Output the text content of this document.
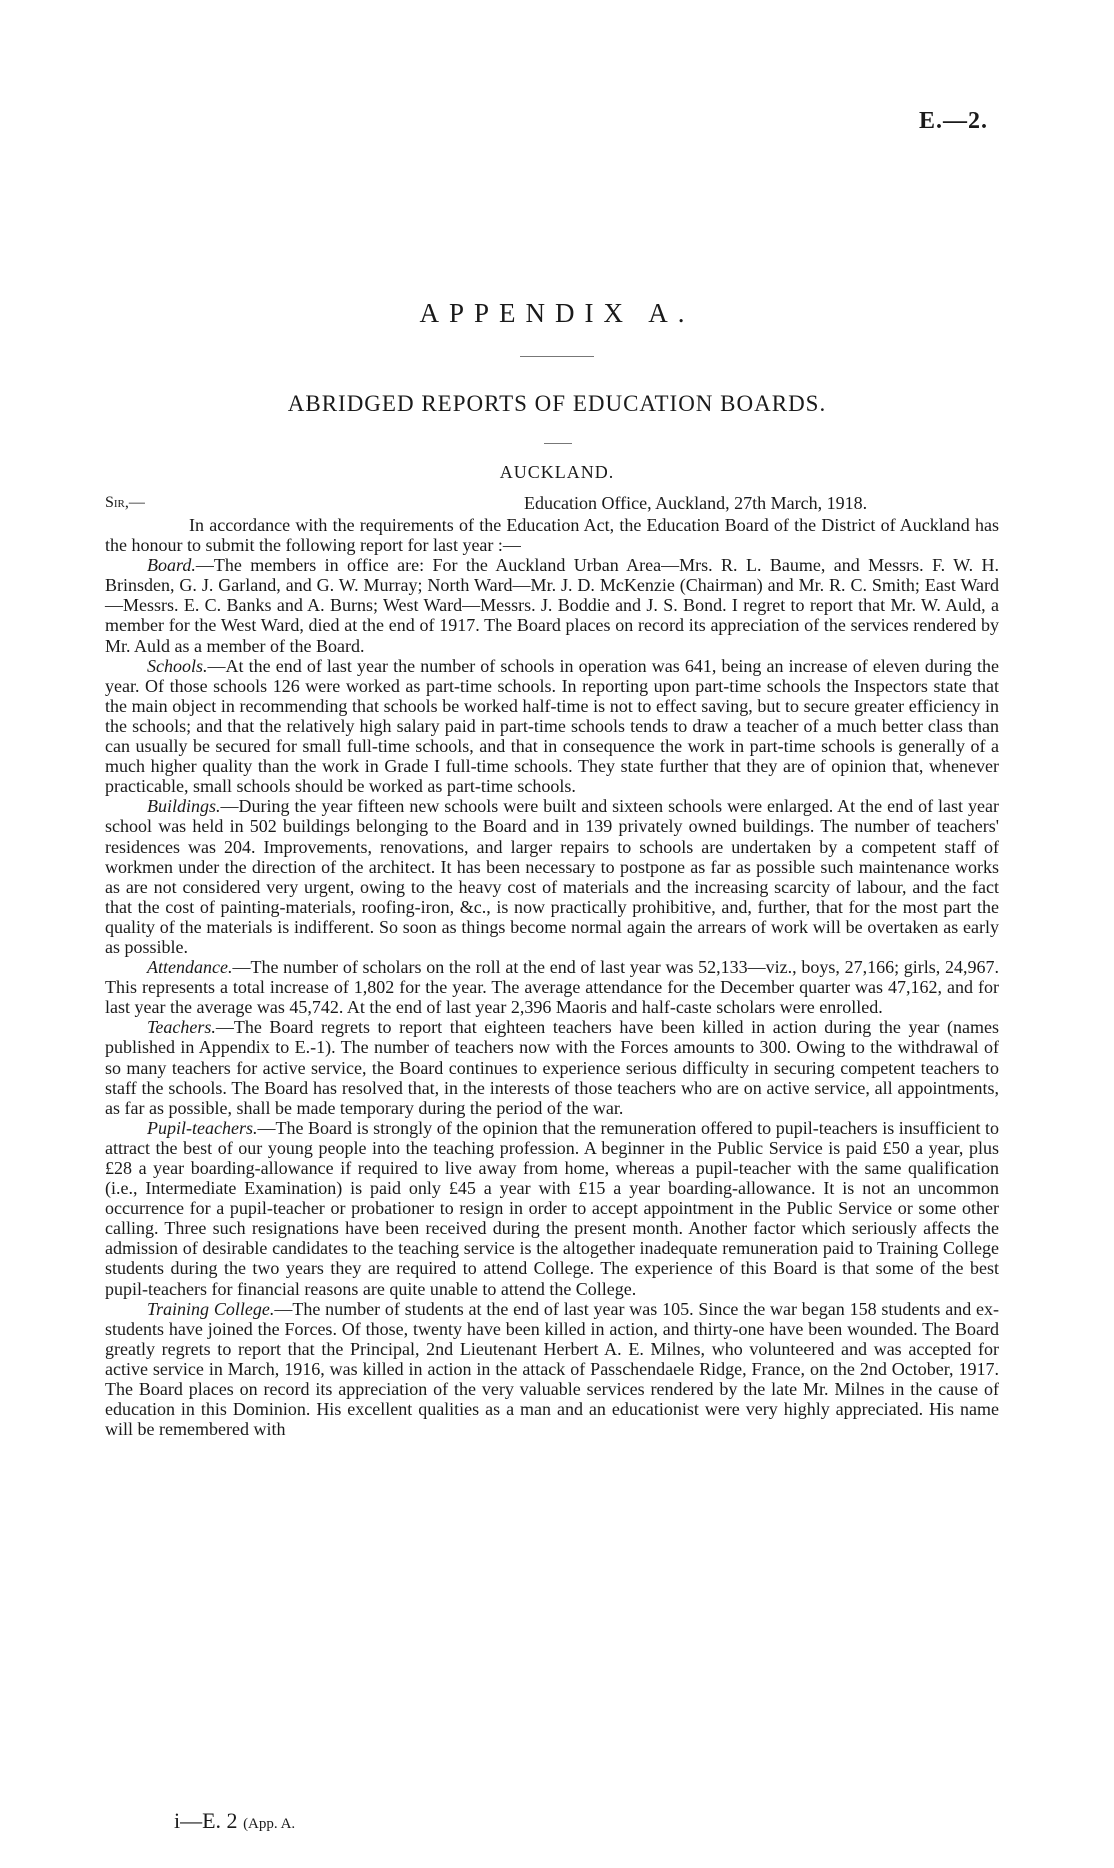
E.—2.
APPENDIX A.
ABRIDGED REPORTS OF EDUCATION BOARDS.
AUCKLAND.
Sir,—	Education Office, Auckland, 27th March, 1918.

In accordance with the requirements of the Education Act, the Education Board of the District of Auckland has the honour to submit the following report for last year :—

Board.—The members in office are: For the Auckland Urban Area—Mrs. R. L. Baume, and Messrs. F. W. H. Brinsden, G. J. Garland, and G. W. Murray; North Ward—Mr. J. D. McKenzie (Chairman) and Mr. R. C. Smith; East Ward—Messrs. E. C. Banks and A. Burns; West Ward—Messrs. J. Boddie and J. S. Bond. I regret to report that Mr. W. Auld, a member for the West Ward, died at the end of 1917. The Board places on record its appreciation of the services rendered by Mr. Auld as a member of the Board.

Schools.—At the end of last year the number of schools in operation was 641, being an increase of eleven during the year. Of those schools 126 were worked as part-time schools. In reporting upon part-time schools the Inspectors state that the main object in recommending that schools be worked half-time is not to effect saving, but to secure greater efficiency in the schools; and that the relatively high salary paid in part-time schools tends to draw a teacher of a much better class than can usually be secured for small full-time schools, and that in consequence the work in part-time schools is generally of a much higher quality than the work in Grade I full-time schools. They state further that they are of opinion that, whenever practicable, small schools should be worked as part-time schools.

Buildings.—During the year fifteen new schools were built and sixteen schools were enlarged. At the end of last year school was held in 502 buildings belonging to the Board and in 139 privately owned buildings. The number of teachers' residences was 204. Improvements, renovations, and larger repairs to schools are undertaken by a competent staff of workmen under the direction of the architect. It has been necessary to postpone as far as possible such maintenance works as are not considered very urgent, owing to the heavy cost of materials and the increasing scarcity of labour, and the fact that the cost of painting-materials, roofing-iron, &c., is now practically prohibitive, and, further, that for the most part the quality of the materials is indifferent. So soon as things become normal again the arrears of work will be overtaken as early as possible.

Attendance.—The number of scholars on the roll at the end of last year was 52,133—viz., boys, 27,166; girls, 24,967. This represents a total increase of 1,802 for the year. The average attendance for the December quarter was 47,162, and for last year the average was 45,742. At the end of last year 2,396 Maoris and half-caste scholars were enrolled.

Teachers.—The Board regrets to report that eighteen teachers have been killed in action during the year (names published in Appendix to E.-1). The number of teachers now with the Forces amounts to 300. Owing to the withdrawal of so many teachers for active service, the Board continues to experience serious difficulty in securing competent teachers to staff the schools. The Board has resolved that, in the interests of those teachers who are on active service, all appointments, as far as possible, shall be made temporary during the period of the war.

Pupil-teachers.—The Board is strongly of the opinion that the remuneration offered to pupil-teachers is insufficient to attract the best of our young people into the teaching profession. A beginner in the Public Service is paid £50 a year, plus £28 a year boarding-allowance if required to live away from home, whereas a pupil-teacher with the same qualification (i.e., Intermediate Examination) is paid only £45 a year with £15 a year boarding-allowance. It is not an uncommon occurrence for a pupil-teacher or probationer to resign in order to accept appointment in the Public Service or some other calling. Three such resignations have been received during the present month. Another factor which seriously affects the admission of desirable candidates to the teaching service is the altogether inadequate remuneration paid to Training College students during the two years they are required to attend College. The experience of this Board is that some of the best pupil-teachers for financial reasons are quite unable to attend the College.

Training College.—The number of students at the end of last year was 105. Since the war began 158 students and ex-students have joined the Forces. Of those, twenty have been killed in action, and thirty-one have been wounded. The Board greatly regrets to report that the Principal, 2nd Lieutenant Herbert A. E. Milnes, who volunteered and was accepted for active service in March, 1916, was killed in action in the attack of Passchendaele Ridge, France, on the 2nd October, 1917. The Board places on record its appreciation of the very valuable services rendered by the late Mr. Milnes in the cause of education in this Dominion. His excellent qualities as a man and an educationist were very highly appreciated. His name will be remembered with

i—E. 2 (App. A.
